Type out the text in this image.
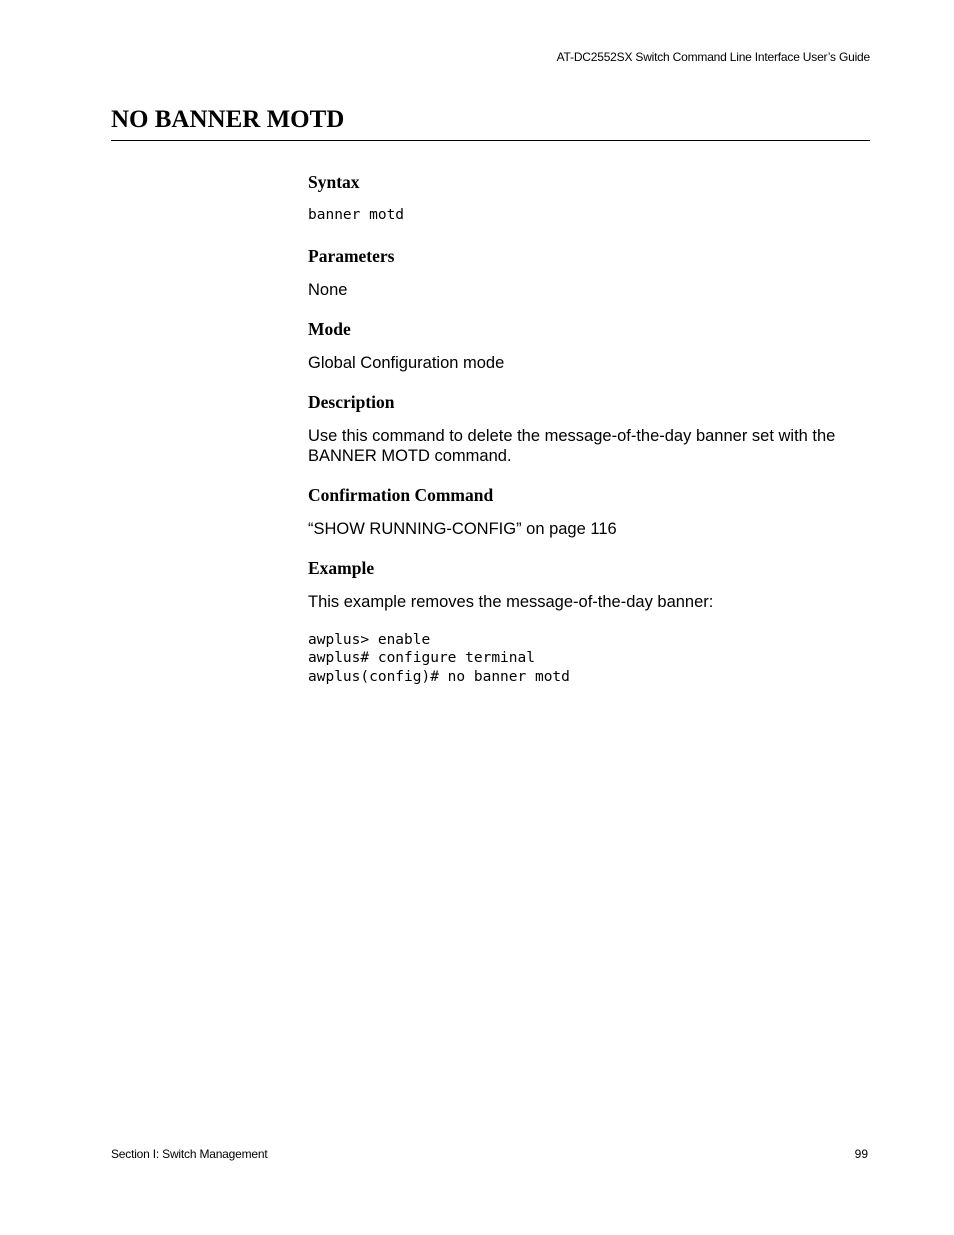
AT-DC2552SX Switch Command Line Interface User’s Guide
NO BANNER MOTD
Syntax
banner motd
Parameters

None

Mode

Global Configuration mode

Description

Use this command to delete the message-of-the-day banner set with the BANNER MOTD command.

Confirmation Command

“SHOW RUNNING-CONFIG” on page 116

Example

This example removes the message-of-the-day banner:

awplus> enable
awplus# configure terminal
awplus(config)# no banner motd
Section I: Switch Management	99
